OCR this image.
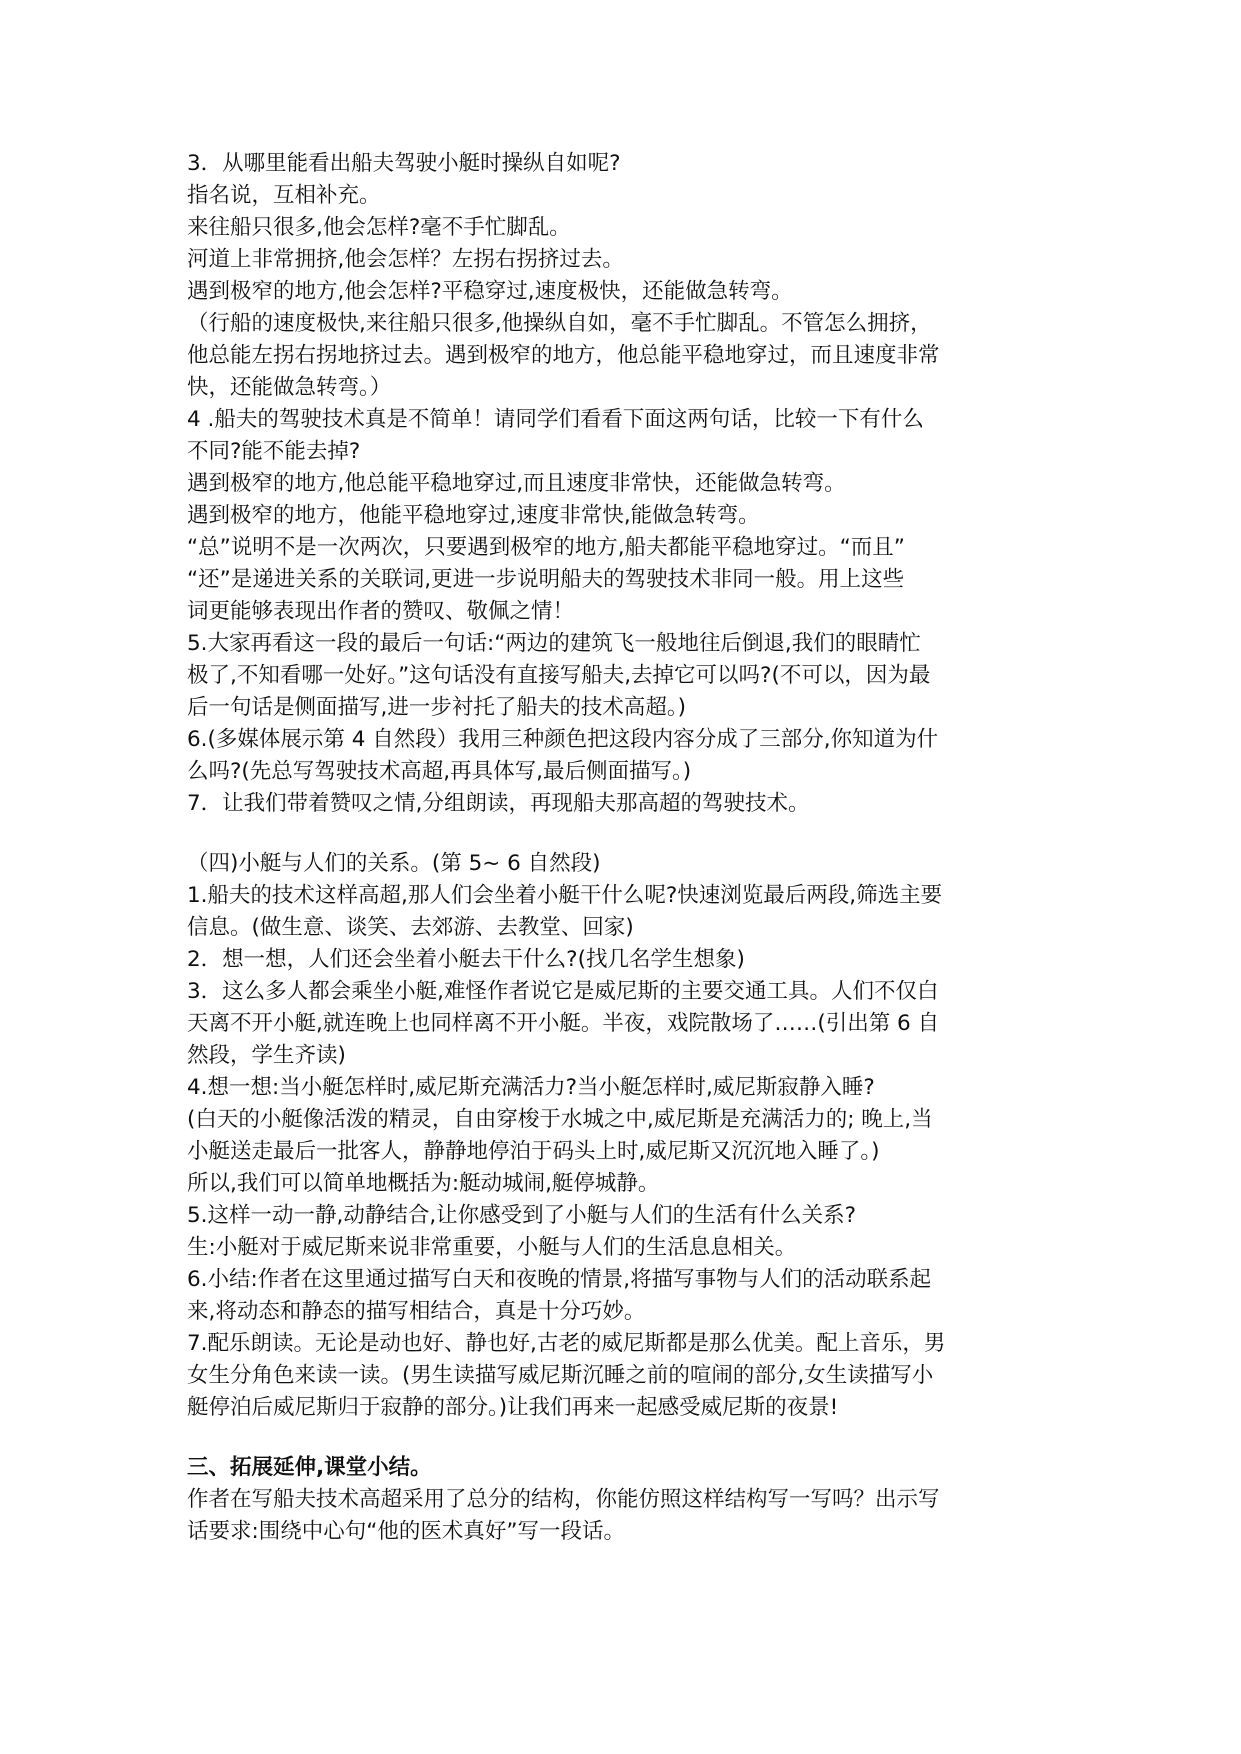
3．从哪里能看出船夫驾驶小艇时操纵自如呢?
指名说，互相补充。
来往船只很多,他会怎样?毫不手忙脚乱。
河道上非常拥挤,他会怎样？左拐右拐挤过去。
遇到极窄的地方,他会怎样?平稳穿过,速度极快，还能做急转弯。
（行船的速度极快,来往船只很多,他操纵自如，毫不手忙脚乱。不管怎么拥挤，
他总能左拐右拐地挤过去。遇到极窄的地方，他总能平稳地穿过，而且速度非常
快，还能做急转弯。）
4 .船夫的驾驶技术真是不简单！请同学们看看下面这两句话，比较一下有什么
不同?能不能去掉?
遇到极窄的地方,他总能平稳地穿过,而且速度非常快，还能做急转弯。
遇到极窄的地方，他能平稳地穿过,速度非常快,能做急转弯。
“总”说明不是一次两次，只要遇到极窄的地方,船夫都能平稳地穿过。“而且”
“还”是递进关系的关联词,更进一步说明船夫的驾驶技术非同一般。用上这些
词更能够表现出作者的赞叹、敬佩之情！
5.大家再看这一段的最后一句话:“两边的建筑飞一般地往后倒退,我们的眼睛忙
极了,不知看哪一处好。”这句话没有直接写船夫,去掉它可以吗?(不可以，因为最
后一句话是侧面描写,进一步衬托了船夫的技术高超。)
6.(多媒体展示第 4 自然段）我用三种颜色把这段内容分成了三部分,你知道为什
么吗?(先总写驾驶技术高超,再具体写,最后侧面描写。)
7．让我们带着赞叹之情,分组朗读，再现船夫那高超的驾驶技术。
（四)小艇与人们的关系。(第 5~ 6 自然段)
1.船夫的技术这样高超,那人们会坐着小艇干什么呢?快速浏览最后两段,筛选主要
信息。(做生意、谈笑、去郊游、去教堂、回家)
2．想一想，人们还会坐着小艇去干什么?(找几名学生想象)
3．这么多人都会乘坐小艇,难怪作者说它是威尼斯的主要交通工具。人们不仅白
天离不开小艇,就连晚上也同样离不开小艇。半夜，戏院散场了……(引出第 6 自
然段，学生齐读)
4.想一想:当小艇怎样时,威尼斯充满活力?当小艇怎样时,威尼斯寂静入睡?
(白天的小艇像活泼的精灵，自由穿梭于水城之中,威尼斯是充满活力的; 晚上,当
小艇送走最后一批客人，静静地停泊于码头上时,威尼斯又沉沉地入睡了。)
所以,我们可以简单地概括为:艇动城闹,艇停城静。
5.这样一动一静,动静结合,让你感受到了小艇与人们的生活有什么关系?
生:小艇对于威尼斯来说非常重要，小艇与人们的生活息息相关。
6.小结:作者在这里通过描写白天和夜晚的情景,将描写事物与人们的活动联系起
来,将动态和静态的描写相结合，真是十分巧妙。
7.配乐朗读。无论是动也好、静也好,古老的威尼斯都是那么优美。配上音乐，男
女生分角色来读一读。(男生读描写威尼斯沉睡之前的喧闹的部分,女生读描写小
艇停泊后威尼斯归于寂静的部分。)让我们再来一起感受威尼斯的夜景!
三、拓展延伸,课堂小结。
作者在写船夫技术高超采用了总分的结构，你能仿照这样结构写一写吗？出示写
话要求:围绕中心句“他的医术真好”写一段话。
